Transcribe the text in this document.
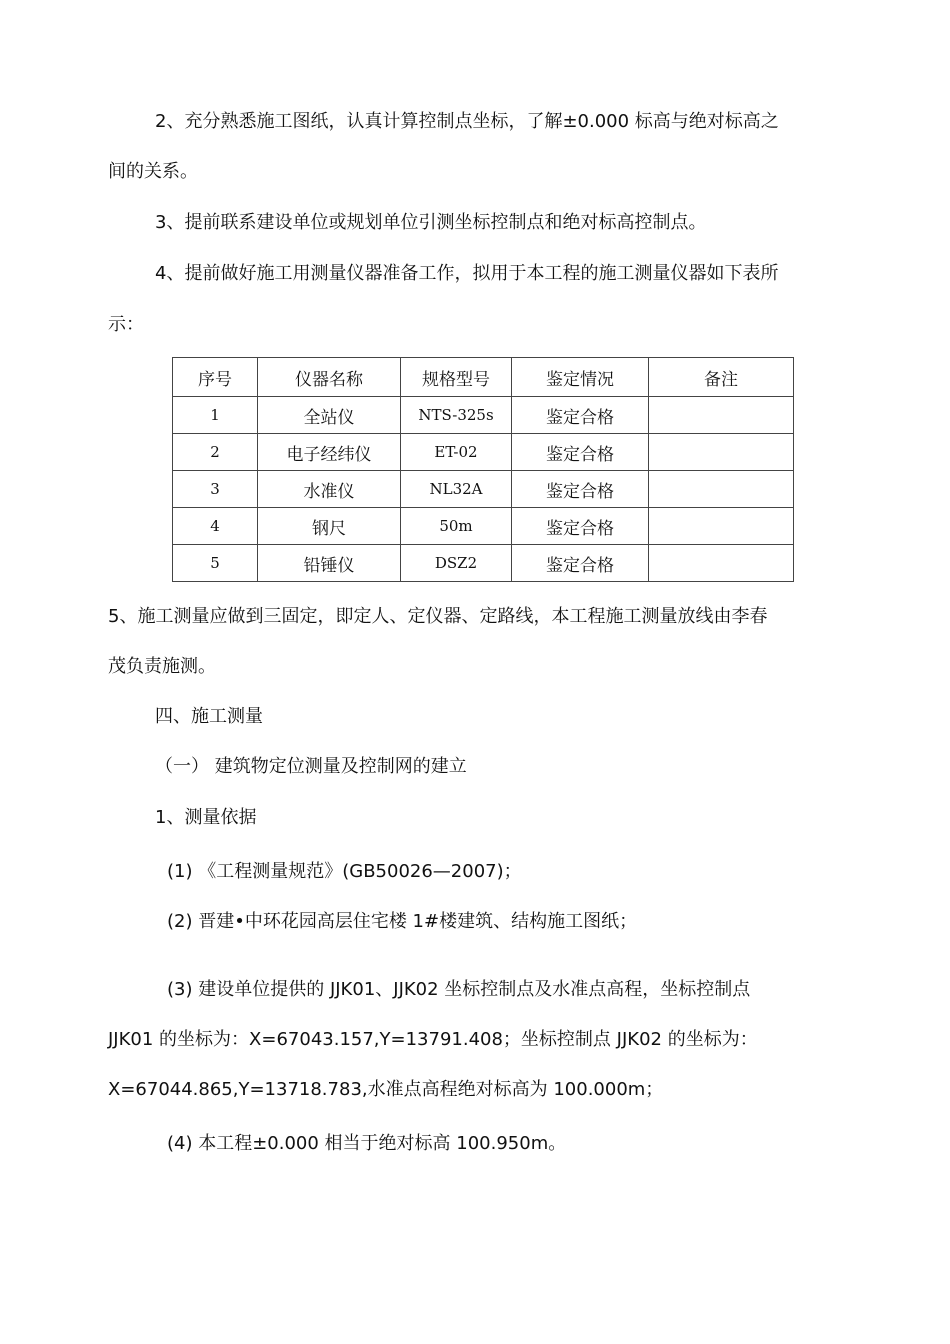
2、充分熟悉施工图纸，认真计算控制点坐标，了解±0.000 标高与绝对标高之
间的关系。
3、提前联系建设单位或规划单位引测坐标控制点和绝对标高控制点。
4、提前做好施工用测量仪器准备工作，拟用于本工程的施工测量仪器如下表所
示：
序号	仪器名称	规格型号	鉴定情况	备注
1	全站仪	NTS-325s	鉴定合格	
2	电子经纬仪	ET-02	鉴定合格	
3	水准仪	NL32A	鉴定合格	
4	钢尺	50m	鉴定合格	
5	铅锤仪	DSZ2	鉴定合格	
5、施工测量应做到三固定，即定人、定仪器、定路线，本工程施工测量放线由李春
茂负责施测。
四、施工测量
（一） 建筑物定位测量及控制网的建立
1、测量依据
(1) 《工程测量规范》(GB50026—2007)；
(2) 晋建•中环花园高层住宅楼 1#楼建筑、结构施工图纸；
(3) 建设单位提供的 JJK01、JJK02 坐标控制点及水准点高程，坐标控制点
JJK01 的坐标为：X=67043.157,Y=13791.408；坐标控制点 JJK02 的坐标为：
X=67044.865,Y=13718.783,水准点高程绝对标高为 100.000m；
(4) 本工程±0.000 相当于绝对标高 100.950m。
